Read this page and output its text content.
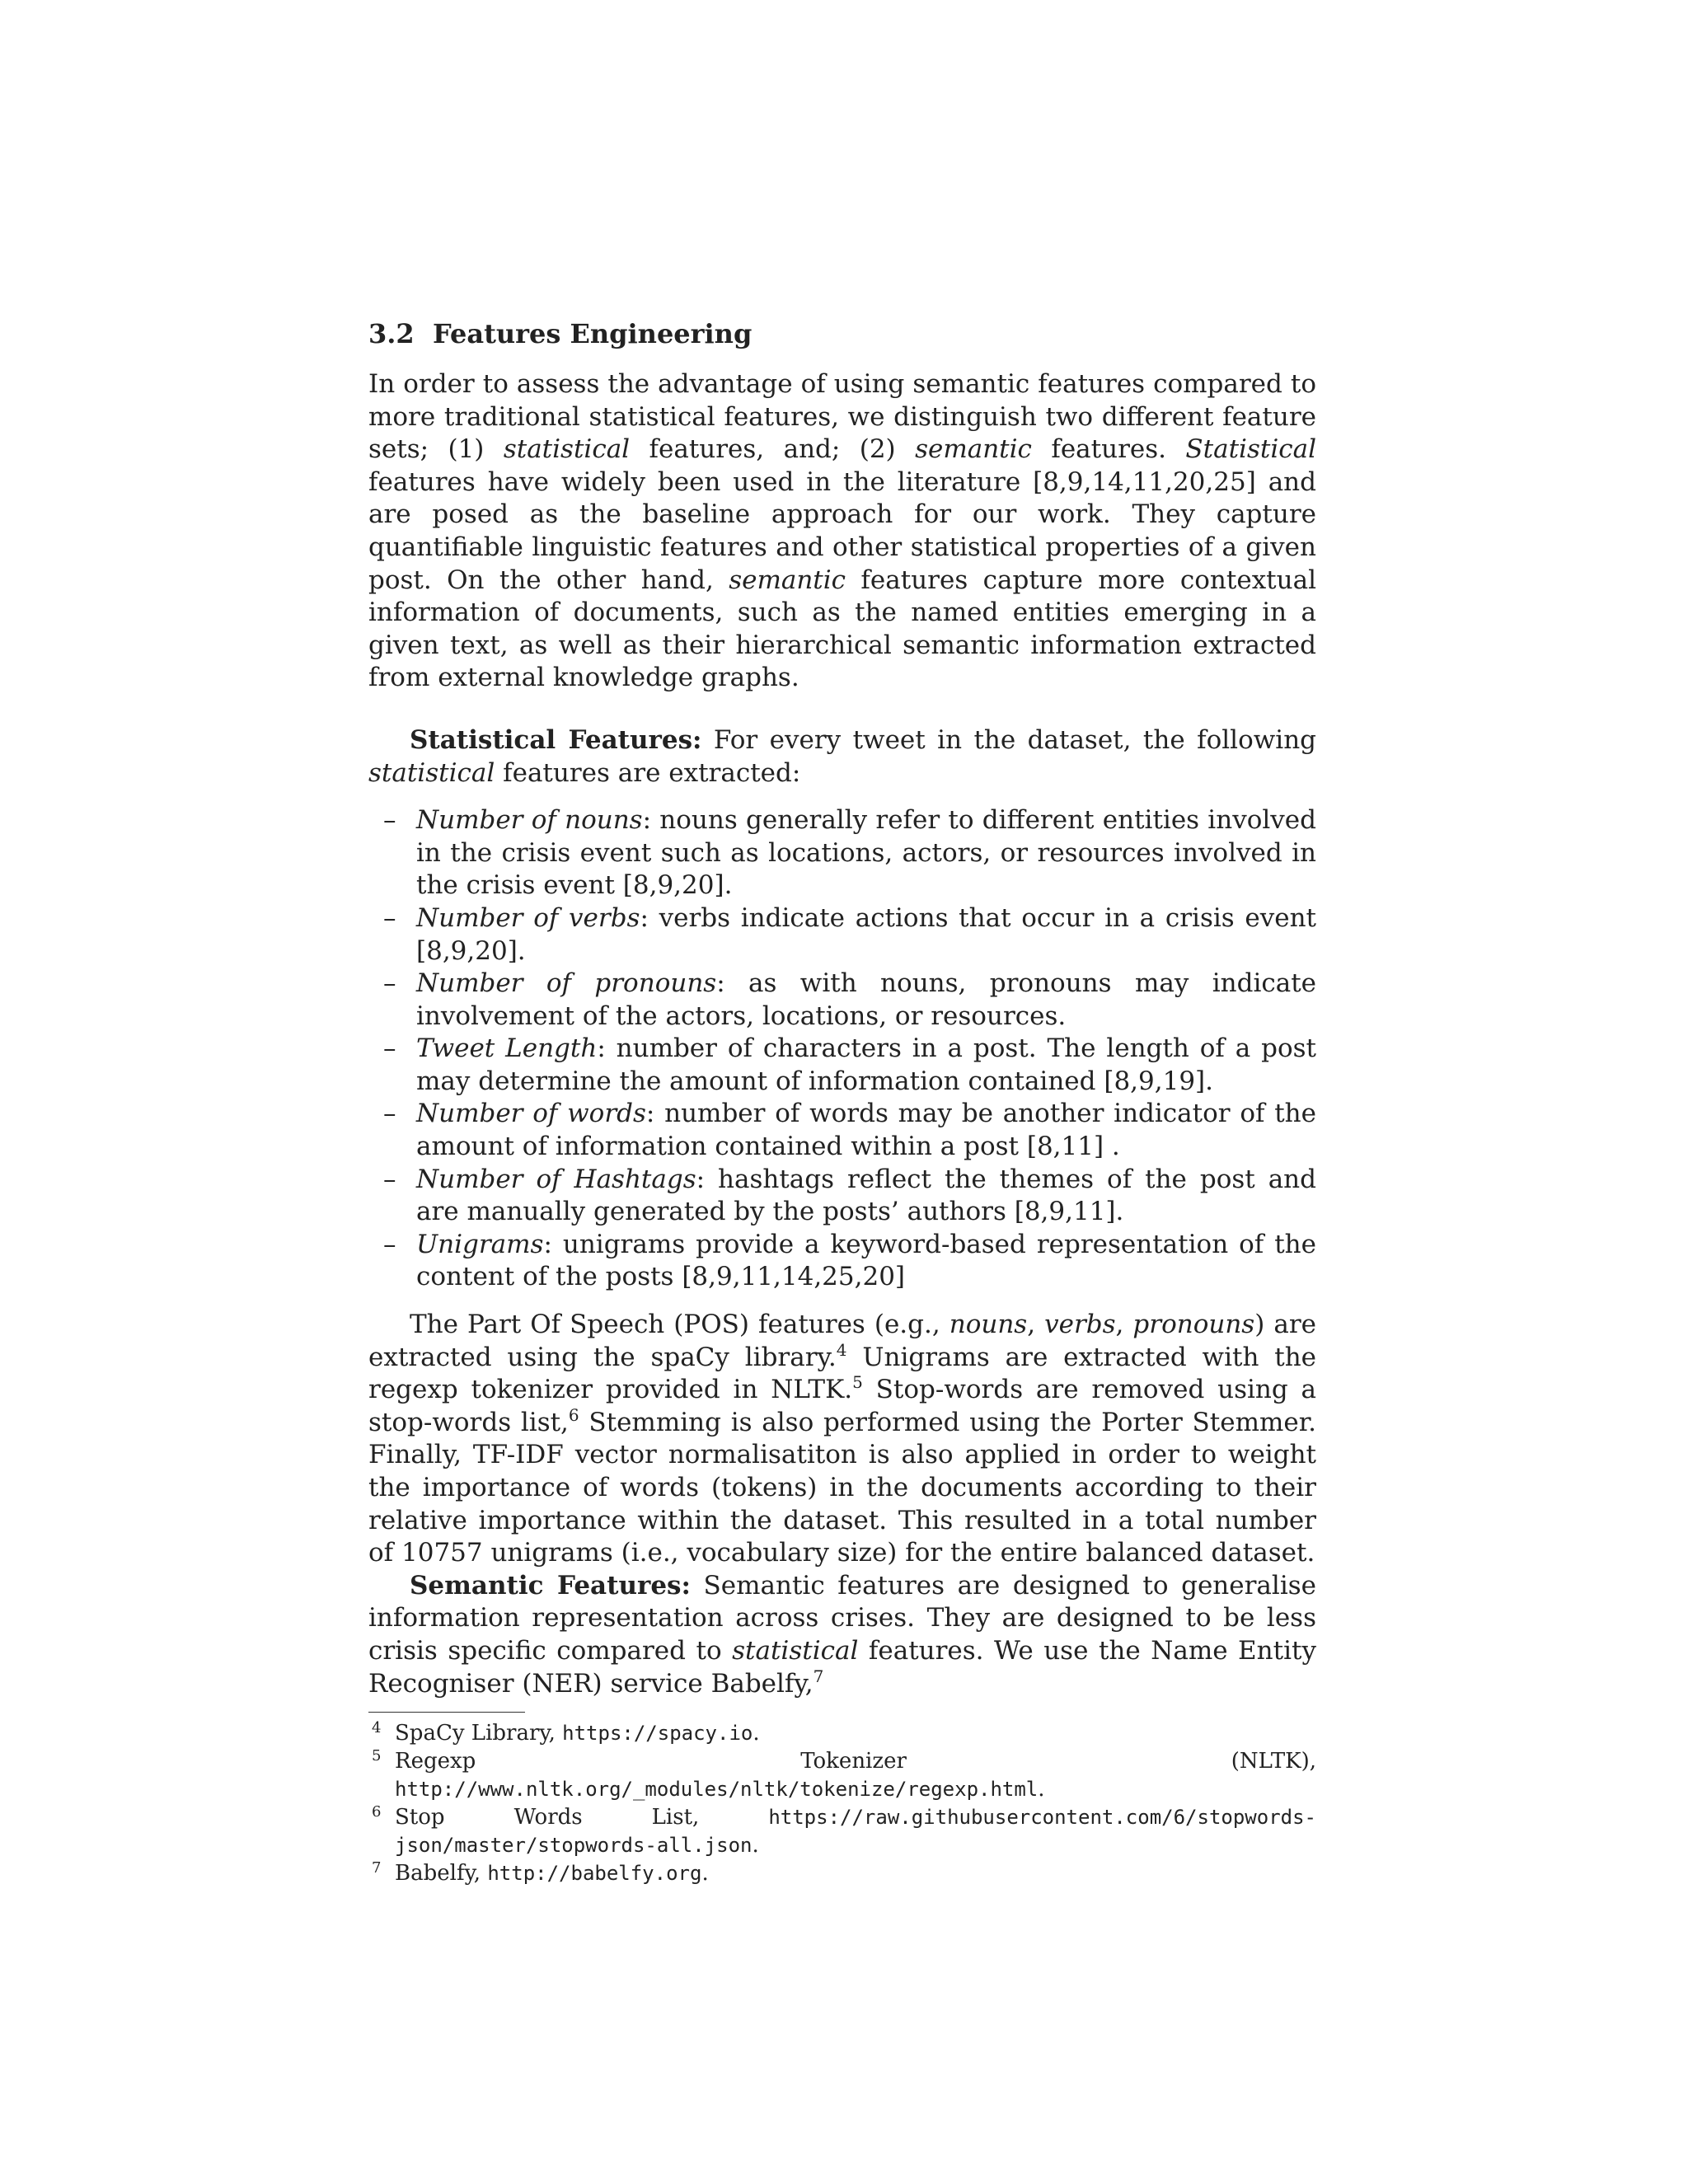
3.2 Features Engineering

In order to assess the advantage of using semantic features compared to more traditional statistical features, we distinguish two different feature sets; (1) statistical features, and; (2) semantic features. Statistical features have widely been used in the literature [8,9,14,11,20,25] and are posed as the baseline approach for our work. They capture quantifiable linguistic features and other statistical properties of a given post. On the other hand, semantic features capture more contextual information of documents, such as the named entities emerging in a given text, as well as their hierarchical semantic information extracted from external knowledge graphs.

Statistical Features: For every tweet in the dataset, the following statistical features are extracted:

– Number of nouns: nouns generally refer to different entities involved in the crisis event such as locations, actors, or resources involved in the crisis event [8,9,20].
– Number of verbs: verbs indicate actions that occur in a crisis event [8,9,20].
– Number of pronouns: as with nouns, pronouns may indicate involvement of the actors, locations, or resources.
– Tweet Length: number of characters in a post. The length of a post may determine the amount of information contained [8,9,19].
– Number of words: number of words may be another indicator of the amount of information contained within a post [8,11] .
– Number of Hashtags: hashtags reflect the themes of the post and are manually generated by the posts’ authors [8,9,11].
– Unigrams: unigrams provide a keyword-based representation of the content of the posts [8,9,11,14,25,20]

The Part Of Speech (POS) features (e.g., nouns, verbs, pronouns) are extracted using the spaCy library.$^4$ Unigrams are extracted with the regexp tokenizer provided in NLTK.$^5$ Stop-words are removed using a stop-words list,$^6$ Stemming is also performed using the Porter Stemmer. Finally, TF-IDF vector normalisatiton is also applied in order to weight the importance of words (tokens) in the documents according to their relative importance within the dataset. This resulted in a total number of 10757 unigrams (i.e., vocabulary size) for the entire balanced dataset.

Semantic Features: Semantic features are designed to generalise information representation across crises. They are designed to be less crisis specific compared to statistical features. We use the Name Entity Recogniser (NER) service Babelfy,$^7$

4 SpaCy Library, https://spacy.io.
5 Regexp Tokenizer (NLTK), http://www.nltk.org/_modules/nltk/tokenize/regexp.html.
6 Stop Words List, https://raw.githubusercontent.com/6/stopwords-json/master/stopwords-all.json.
7 Babelfy, http://babelfy.org.
